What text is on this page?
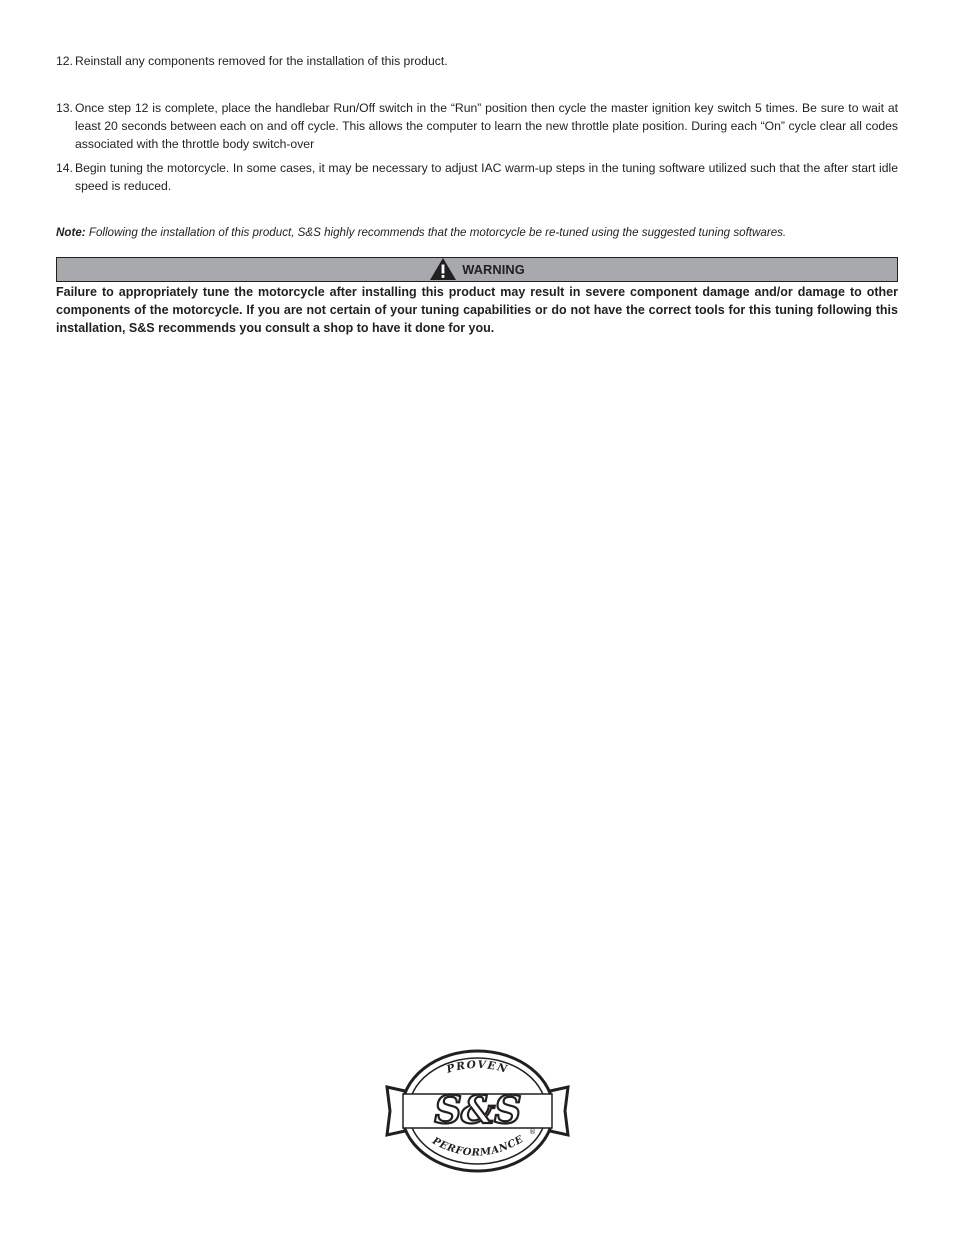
12. Reinstall any components removed for the installation of this product.
13. Once step 12 is complete, place the handlebar Run/Off switch in the “Run” position then cycle the master ignition key switch 5 times. Be sure to wait at least 20 seconds between each on and off cycle. This allows the computer to learn the new throttle plate position. During each “On” cycle clear all codes associated with the throttle body switch-over
14. Begin tuning the motorcycle. In some cases, it may be necessary to adjust IAC warm-up steps in the tuning software utilized such that the after start idle speed is reduced.
Note: Following the installation of this product, S&S highly recommends that the motorcycle be re-tuned using the suggested tuning softwares.
WARNING
Failure to appropriately tune the motorcycle after installing this product may result in severe component damage and/or damage to other components of the motorcycle. If you are not certain of your tuning capabilities or do not have the correct tools for this tuning following this installation, S&S recommends you consult a shop to have it done for you.
S&S
PROVEN
PERFORMANCE
®
